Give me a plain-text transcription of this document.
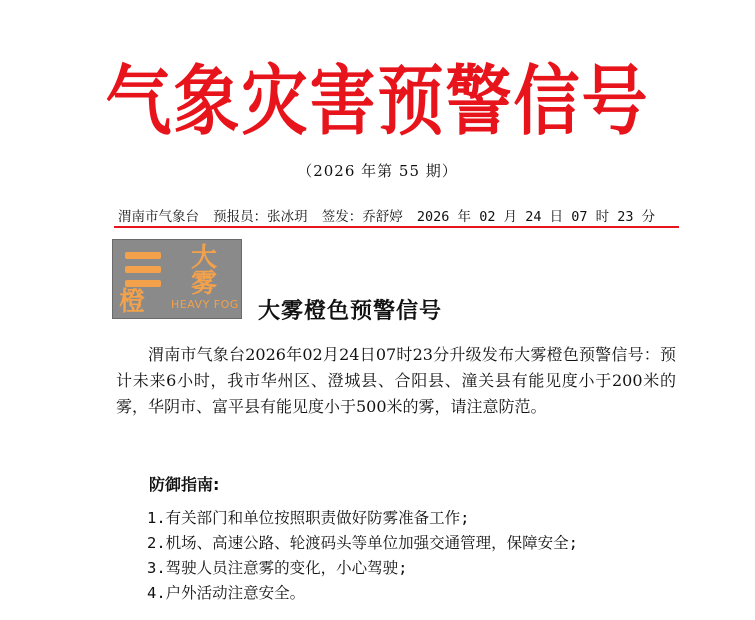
气象灾害预警信号
（2026 年第 55 期）
渭南市气象台 预报员：张冰玥 签发：乔舒婷 2026 年 02 月 24 日 07 时 23 分
大
雾
橙 HEAVY FOG 大雾橙色预警信号
渭南市气象台2026年02月24日07时23分升级发布大雾橙色预警信号：预计未来6小时，我市华州区、澄城县、合阳县、潼关县有能见度小于200米的雾，华阴市、富平县有能见度小于500米的雾，请注意防范。
防御指南:
1.有关部门和单位按照职责做好防雾准备工作;
2.机场、高速公路、轮渡码头等单位加强交通管理，保障安全;
3.驾驶人员注意雾的变化，小心驾驶;
4.户外活动注意安全。
